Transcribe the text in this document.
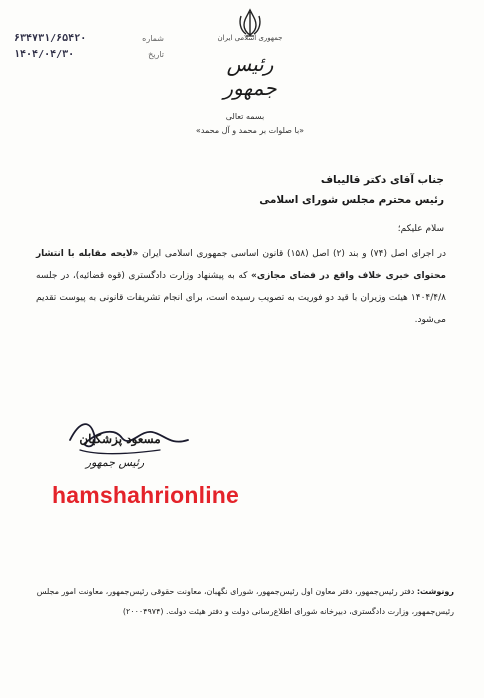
۶۳۴۷۳۱/۶۵۴۲۰	شماره
۱۴۰۴/۰۴/۳۰	تاریخ
جمهوری اسلامی ایران
رئیس جمهور
بسمه تعالی
«با صلوات بر محمد و آل محمد»
جناب آقای دکتر قالیباف
رئیس محترم مجلس شورای اسلامی
سلام علیکم؛
در اجرای اصل (۷۴) و بند (۲) اصل (۱۵۸) قانون اساسی جمهوری اسلامی ایران «لایحه مقابله با انتشار محتوای خبری خلاف واقع در فضای مجازی» که به پیشنهاد وزارت دادگستری (قوه قضائیه)، در جلسه ۱۴۰۴/۴/۸ هیئت وزیران با قید دو فوریت به تصویب رسیده است، برای انجام تشریفات قانونی به پیوست تقدیم می‌شود.
مسعود پزشکیان
رئیس جمهور
hamshahrionline
رونوشت: دفتر رئیس‌جمهور، دفتر معاون اول رئیس‌جمهور، شورای نگهبان، معاونت حقوقی رئیس‌جمهور، معاونت امور مجلس رئیس‌جمهور، وزارت دادگستری، دبیرخانه شورای اطلاع‌رسانی دولت و دفتر هیئت دولت. (۲۰۰۰۴۹۷۴)
